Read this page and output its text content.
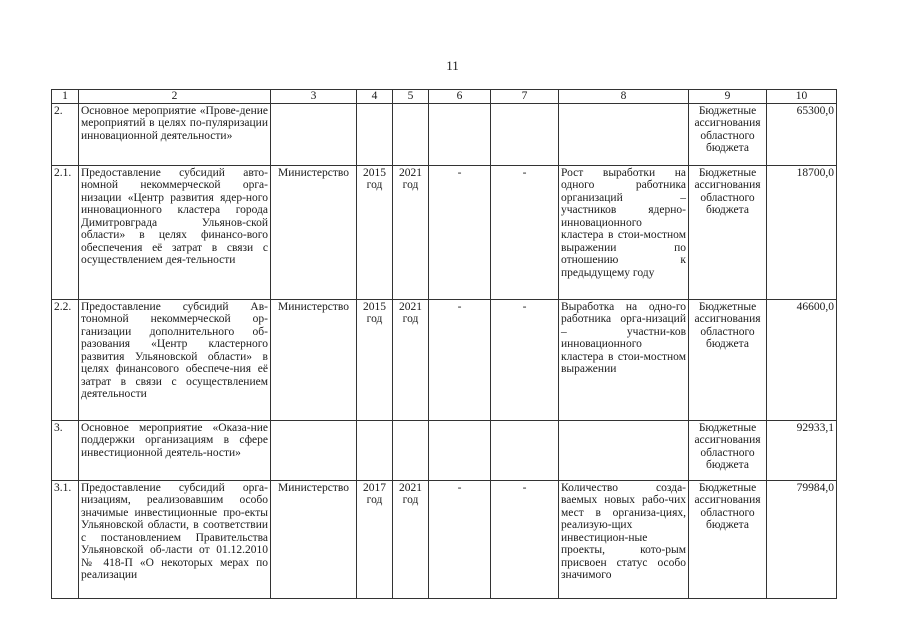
11
1	2	3	4	5	6	7	8	9	10
2.	Основное мероприятие «Прове-дение мероприятий в целях по-пуляризации инновационной деятельности»							Бюджетные ассигнования областного бюджета	65300,0
2.1.	Предоставление субсидий авто-номной некоммерческой орга-низации «Центр развития ядер-ного инновационного кластера города Димитровграда Ульянов-ской области» в целях финансо-вого обеспечения её затрат в связи с осуществлением дея-тельности	Министерство	2015 год	2021 год	-	-	Рост выработки на одного работника организаций – участников ядерно-инновационного кластера в стои-мостном выражении по отношению к предыдущему году	Бюджетные ассигнования областного бюджета	18700,0
2.2.	Предоставление субсидий Ав-тономной некоммерческой ор-ганизации дополнительного об-разования «Центр кластерного развития Ульяновской области» в целях финансового обеспече-ния её затрат в связи с осуществлением деятельности	Министерство	2015 год	2021 год	-	-	Выработка на одно-го работника орга-низаций – участни-ков инновационного кластера в стои-мостном выражении	Бюджетные ассигнования областного бюджета	46600,0
3.	Основное мероприятие «Оказа-ние поддержки организациям в сфере инвестиционной деятель-ности»							Бюджетные ассигнования областного бюджета	92933,1
3.1.	Предоставление субсидий орга-низациям, реализовавшим особо значимые инвестиционные про-екты Ульяновской области, в соответствии с постановлением Правительства Ульяновской об-ласти от 01.12.2010 № 418-П «О некоторых мерах по реализации	Министерство	2017 год	2021 год	-	-	Количество созда-ваемых новых рабо-чих мест в организа-циях, реализую-щих инвестицион-ные проекты, кото-рым присвоен статус особо значимого	Бюджетные ассигнования областного бюджета	79984,0
